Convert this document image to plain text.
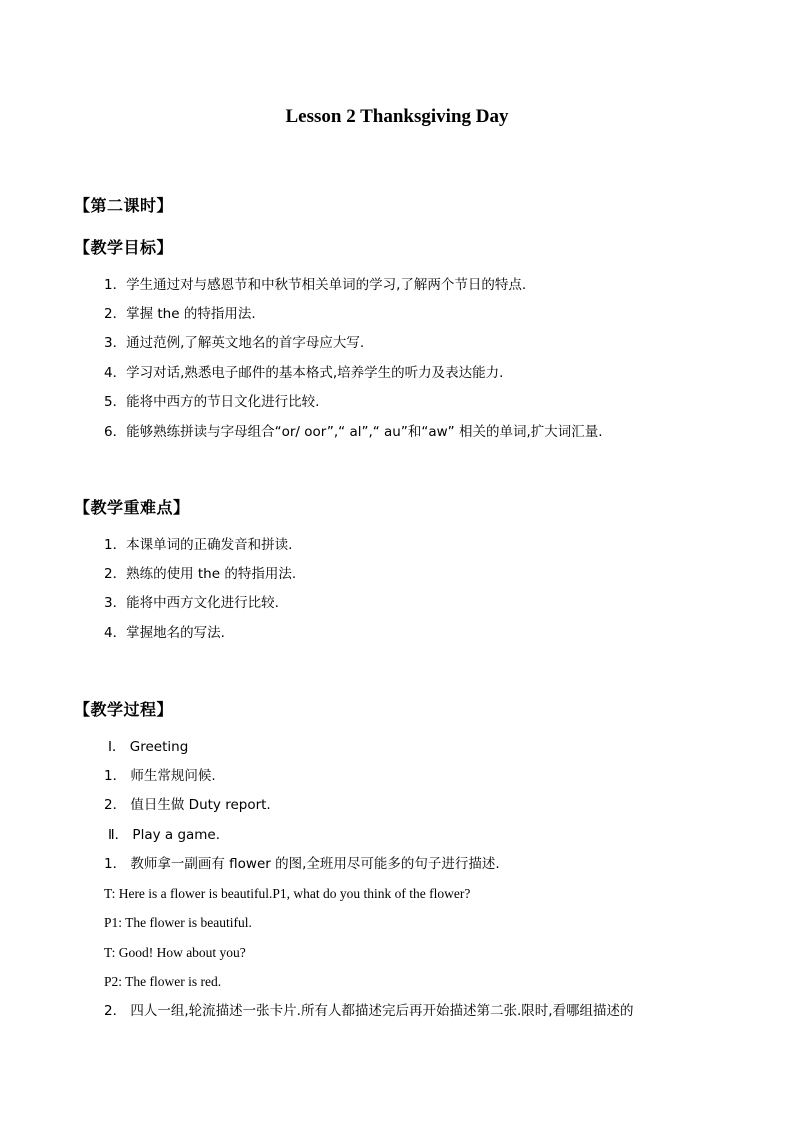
Lesson 2 Thanksgiving Day
【第二课时】
【教学目标】
1．学生通过对与感恩节和中秋节相关单词的学习,了解两个节日的特点.
2．掌握 the 的特指用法.
3．通过范例,了解英文地名的首字母应大写.
4．学习对话,熟悉电子邮件的基本格式,培养学生的听力及表达能力.
5．能将中西方的节日文化进行比较.
6．能够熟练拼读与字母组合“or/ oor”,“ al”,“ au”和“aw” 相关的单词,扩大词汇量.
【教学重难点】
1．本课单词的正确发音和拼读.
2．熟练的使用 the 的特指用法.
3．能将中西方文化进行比较.
4．掌握地名的写法.
【教学过程】
Ⅰ． Greeting
1． 师生常规问候.
2． 值日生做 Duty report.
Ⅱ． Play a game.
1． 教师拿一副画有 flower 的图,全班用尽可能多的句子进行描述.
T: Here is a flower is beautiful.P1, what do you think of the flower?
P1: The flower is beautiful.
T: Good! How about you?
P2: The flower is red.
2． 四人一组,轮流描述一张卡片.所有人都描述完后再开始描述第二张.限时,看哪组描述的
